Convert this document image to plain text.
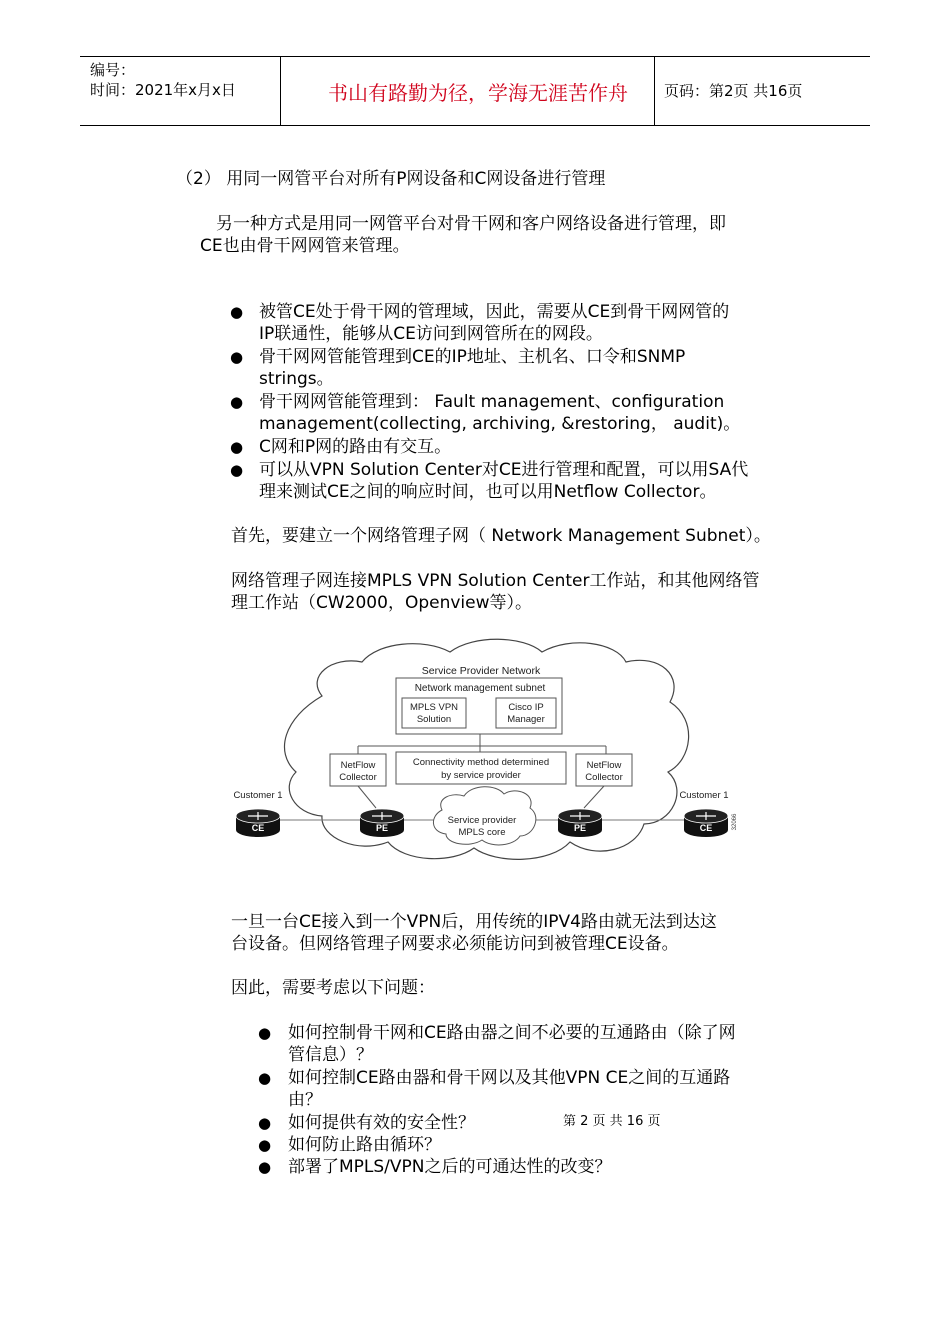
编号：
时间：2021年x月x日	书山有路勤为径，学海无涯苦作舟	页码：第2页 共16页
（2） 用同一网管平台对所有P网设备和C网设备进行管理
另一种方式是用同一网管平台对骨干网和客户网络设备进行管理，即
CE也由骨干网网管来管理。
● 被管CE处于骨干网的管理域，因此，需要从CE到骨干网网管的
IP联通性，能够从CE访问到网管所在的网段。
● 骨干网网管能管理到CE的IP地址、主机名、口令和SNMP
strings。
● 骨干网网管能管理到： Fault management、configuration
management(collecting, archiving, &restoring， audit)。
● C网和P网的路由有交互。
● 可以从VPN Solution Center对CE进行管理和配置，可以用SA代
理来测试CE之间的响应时间，也可以用Netflow Collector。
首先，要建立一个网络管理子网（ Network Management Subnet）。
网络管理子网连接MPLS VPN Solution Center工作站，和其他网络管
理工作站（CW2000，Openview等）。
Service Provider Network
Network management subnet
MPLS VPN
Solution
Cisco IP
Manager
Connectivity method determined
by service provider
NetFlow
Collector
NetFlow
Collector
Customer 1	Customer 1
CE	PE	PE	CE
Service provider
MPLS core
32066
一旦一台CE接入到一个VPN后，用传统的IPV4路由就无法到达这
台设备。但网络管理子网要求必须能访问到被管理CE设备。
因此，需要考虑以下问题：
● 如何控制骨干网和CE路由器之间不必要的互通路由（除了网
管信息）？
● 如何控制CE路由器和骨干网以及其他VPN CE之间的互通路
由？
● 如何提供有效的安全性？
● 如何防止路由循环？
● 部署了MPLS/VPN之后的可通达性的改变？
第 2 页 共 16 页
